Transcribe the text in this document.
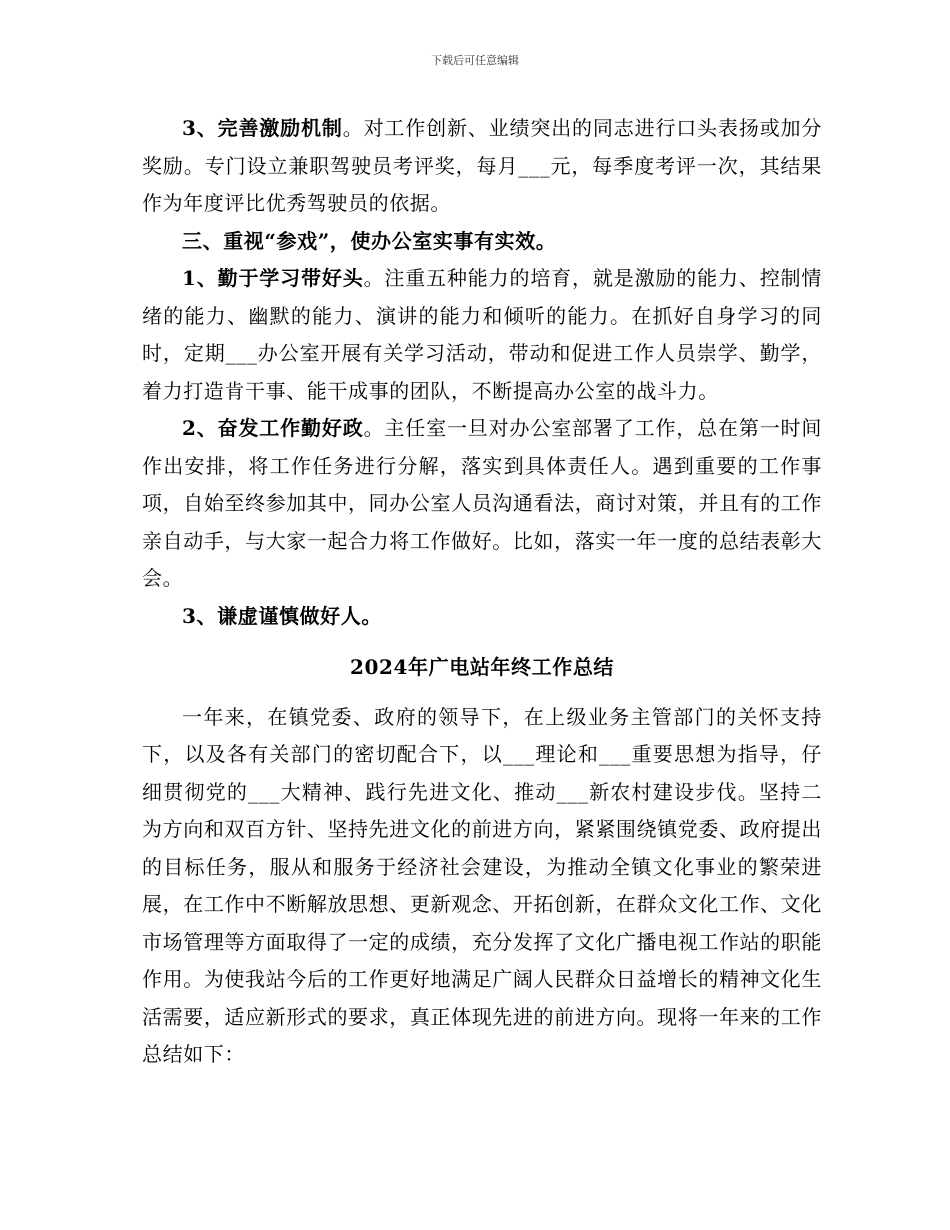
下载后可任意编辑

3、完善激励机制。对工作创新、业绩突出的同志进行口头表扬或加分奖励。专门设立兼职驾驶员考评奖，每月___元，每季度考评一次，其结果作为年度评比优秀驾驶员的依据。

三、重视“参戏”，使办公室实事有实效。

1、勤于学习带好头。注重五种能力的培育，就是激励的能力、控制情绪的能力、幽默的能力、演讲的能力和倾听的能力。在抓好自身学习的同时，定期___办公室开展有关学习活动，带动和促进工作人员崇学、勤学，着力打造肯干事、能干成事的团队，不断提高办公室的战斗力。

2、奋发工作勤好政。主任室一旦对办公室部署了工作，总在第一时间作出安排，将工作任务进行分解，落实到具体责任人。遇到重要的工作事项，自始至终参加其中，同办公室人员沟通看法，商讨对策，并且有的工作亲自动手，与大家一起合力将工作做好。比如，落实一年一度的总结表彰大会。

3、谦虚谨慎做好人。

2024年广电站年终工作总结

一年来，在镇党委、政府的领导下，在上级业务主管部门的关怀支持下，以及各有关部门的密切配合下，以___理论和___重要思想为指导，仔细贯彻党的___大精神、践行先进文化、推动___新农村建设步伐。坚持二为方向和双百方针、坚持先进文化的前进方向，紧紧围绕镇党委、政府提出的目标任务，服从和服务于经济社会建设，为推动全镇文化事业的繁荣进展，在工作中不断解放思想、更新观念、开拓创新，在群众文化工作、文化市场管理等方面取得了一定的成绩，充分发挥了文化广播电视工作站的职能作用。为使我站今后的工作更好地满足广阔人民群众日益增长的精神文化生活需要，适应新形式的要求，真正体现先进的前进方向。现将一年来的工作总结如下：
